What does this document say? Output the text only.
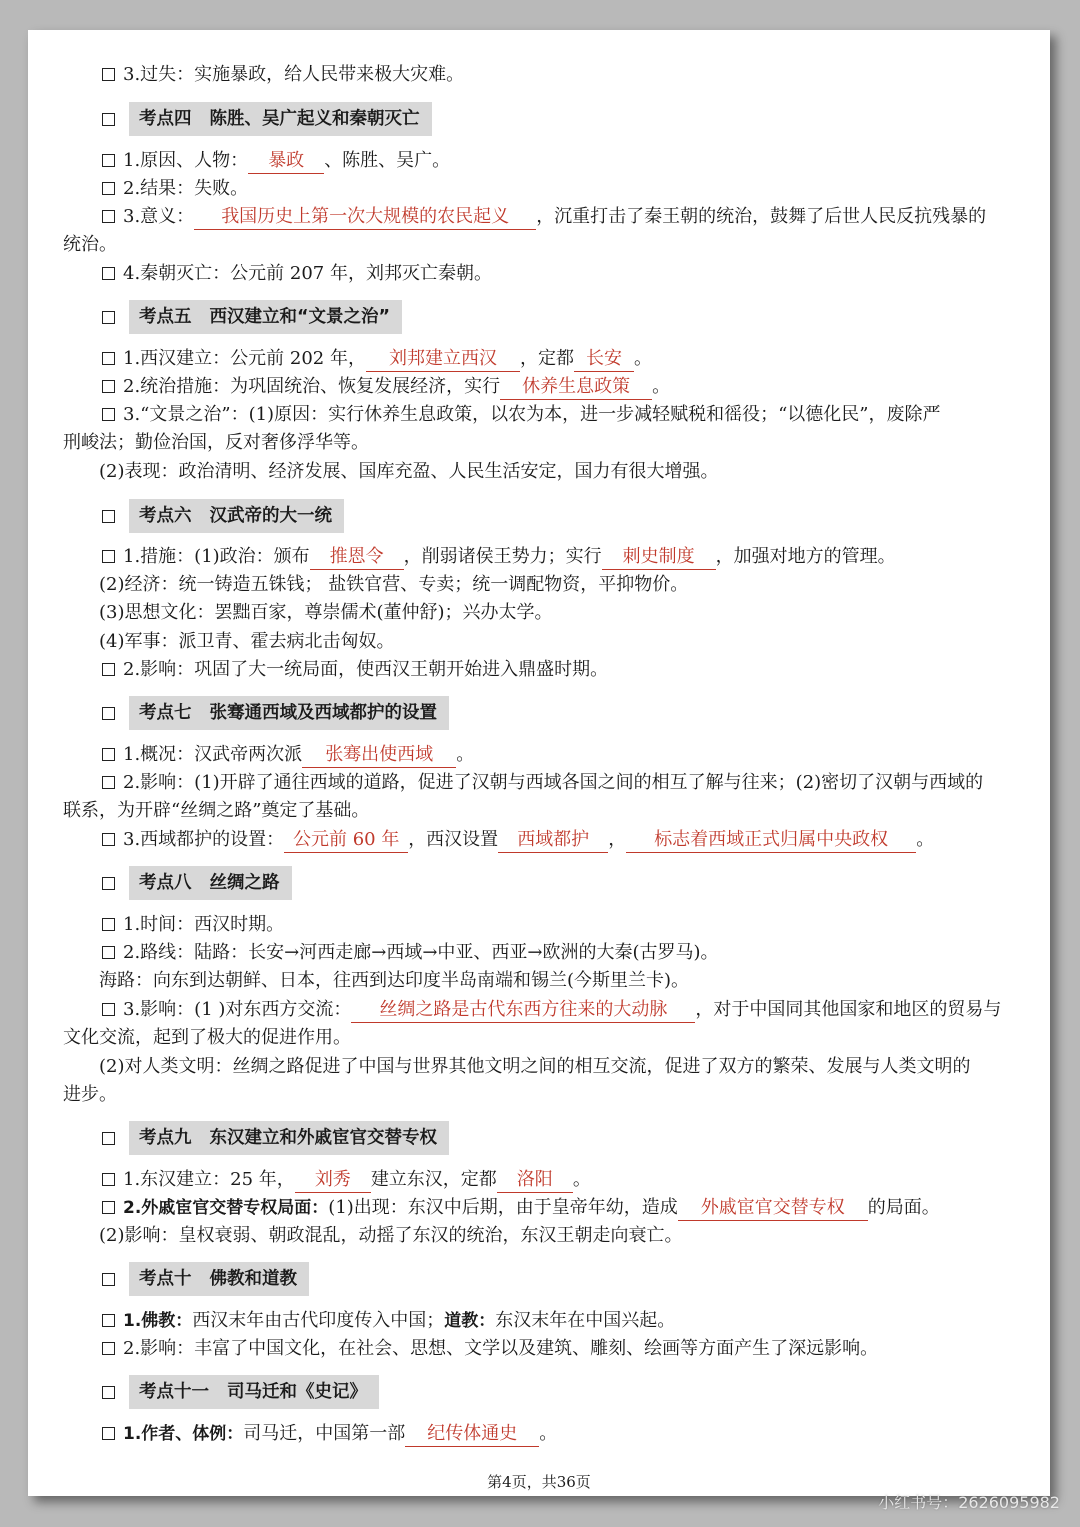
3.过失：实施暴政，给人民带来极大灾难。
考点四 陈胜、吴广起义和秦朝灭亡
1.原因、人物： 暴政 、陈胜、吴广。
2.结果：失败。
3.意义： 我国历史上第一次大规模的农民起义 ，沉重打击了秦王朝的统治，鼓舞了后世人民反抗残暴的
统治。
4.秦朝灭亡：公元前 207 年，刘邦灭亡秦朝。
考点五 西汉建立和“文景之治”
1.西汉建立：公元前 202 年， 刘邦建立西汉 ，定都 长安 。
2.统治措施：为巩固统治、恢复发展经济，实行 休养生息政策 。
3.“文景之治”：(1)原因：实行休养生息政策，以农为本，进一步减轻赋税和徭役；“以德化民”，废除严
刑峻法；勤俭治国，反对奢侈浮华等。
(2)表现：政治清明、经济发展、国库充盈、人民生活安定，国力有很大增强。
考点六 汉武帝的大一统
1.措施：(1)政治：颁布 推恩令 ，削弱诸侯王势力；实行 刺史制度 ，加强对地方的管理。
(2)经济：统一铸造五铢钱； 盐铁官营、专卖；统一调配物资，平抑物价。
(3)思想文化：罢黜百家，尊崇儒术(董仲舒)；兴办太学。
(4)军事：派卫青、霍去病北击匈奴。
2.影响：巩固了大一统局面，使西汉王朝开始进入鼎盛时期。
考点七 张骞通西域及西域都护的设置
1.概况：汉武帝两次派 张骞出使西域 。
2.影响：(1)开辟了通往西域的道路，促进了汉朝与西域各国之间的相互了解与往来；(2)密切了汉朝与西域的
联系，为开辟“丝绸之路”奠定了基础。
3.西域都护的设置： 公元前 60 年 ，西汉设置 西域都护 ， 标志着西域正式归属中央政权 。
考点八 丝绸之路
1.时间：西汉时期。
2.路线：陆路：长安→河西走廊→西域→中亚、西亚→欧洲的大秦(古罗马)。
海路：向东到达朝鲜、日本，往西到达印度半岛南端和锡兰(今斯里兰卡)。
3.影响：(1 )对东西方交流： 丝绸之路是古代东西方往来的大动脉 ，对于中国同其他国家和地区的贸易与
文化交流，起到了极大的促进作用。
(2)对人类文明：丝绸之路促进了中国与世界其他文明之间的相互交流，促进了双方的繁荣、发展与人类文明的
进步。
考点九 东汉建立和外戚宦官交替专权
1.东汉建立：25 年， 刘秀 建立东汉，定都 洛阳 。
2.外戚宦官交替专权局面：(1)出现：东汉中后期，由于皇帝年幼，造成 外戚宦官交替专权 的局面。
(2)影响：皇权衰弱、朝政混乱，动摇了东汉的统治，东汉王朝走向衰亡。
考点十 佛教和道教
1.佛教：西汉末年由古代印度传入中国；道教：东汉末年在中国兴起。
2.影响：丰富了中国文化，在社会、思想、文学以及建筑、雕刻、绘画等方面产生了深远影响。
考点十一 司马迁和《史记》
1.作者、体例：司马迁，中国第一部 纪传体通史 。
第4页，共36页
小红书号：2626095982
